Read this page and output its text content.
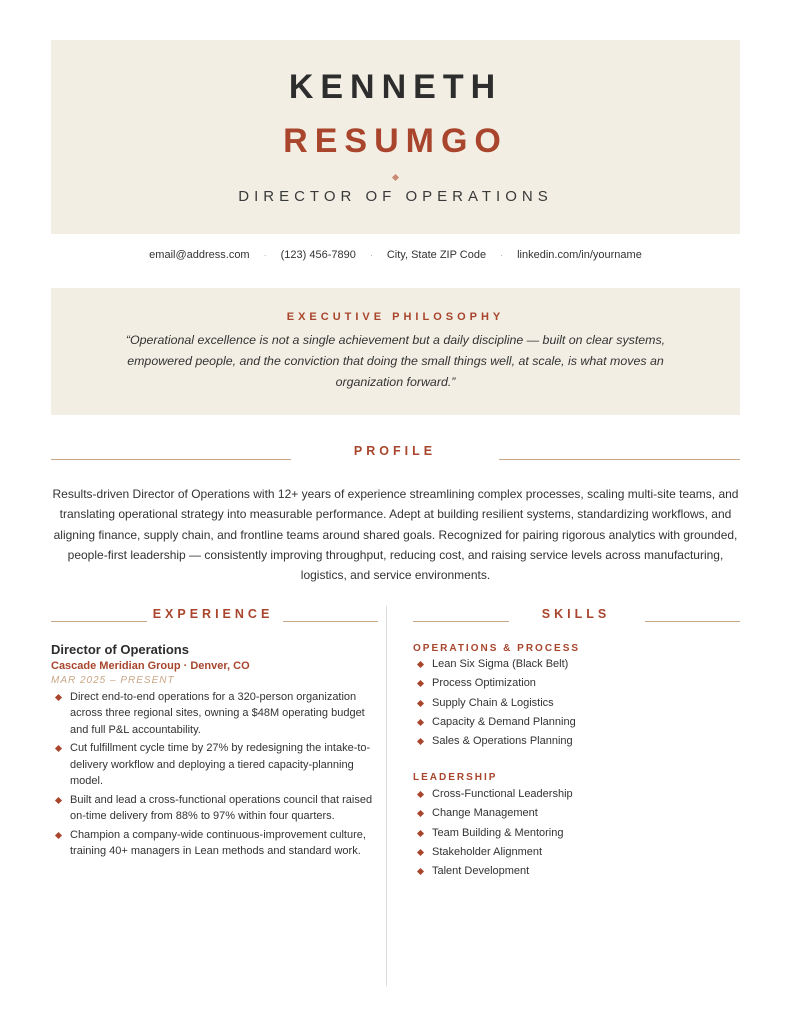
KENNETH
RESUMGO
DIRECTOR OF OPERATIONS
email@address.com · (123) 456-7890 · City, State ZIP Code · linkedin.com/in/yourname
EXECUTIVE PHILOSOPHY
“Operational excellence is not a single achievement but a daily discipline — built on clear systems, empowered people, and the conviction that doing the small things well, at scale, is what moves an organization forward.”
PROFILE
Results-driven Director of Operations with 12+ years of experience streamlining complex processes, scaling multi-site teams, and translating operational strategy into measurable performance. Adept at building resilient systems, standardizing workflows, and aligning finance, supply chain, and frontline teams around shared goals. Recognized for pairing rigorous analytics with grounded, people-first leadership — consistently improving throughput, reducing cost, and raising service levels across manufacturing, logistics, and service environments.
EXPERIENCE
Director of Operations
Cascade Meridian Group · Denver, CO
MAR 2025 – PRESENT
Direct end-to-end operations for a 320-person organization across three regional sites, owning a $48M operating budget and full P&L accountability.
Cut fulfillment cycle time by 27% by redesigning the intake-to-delivery workflow and deploying a tiered capacity-planning model.
Built and lead a cross-functional operations council that raised on-time delivery from 88% to 97% within four quarters.
Champion a company-wide continuous-improvement culture, training 40+ managers in Lean methods and standard work.
SKILLS
OPERATIONS & PROCESS
Lean Six Sigma (Black Belt)
Process Optimization
Supply Chain & Logistics
Capacity & Demand Planning
Sales & Operations Planning
LEADERSHIP
Cross-Functional Leadership
Change Management
Team Building & Mentoring
Stakeholder Alignment
Talent Development
